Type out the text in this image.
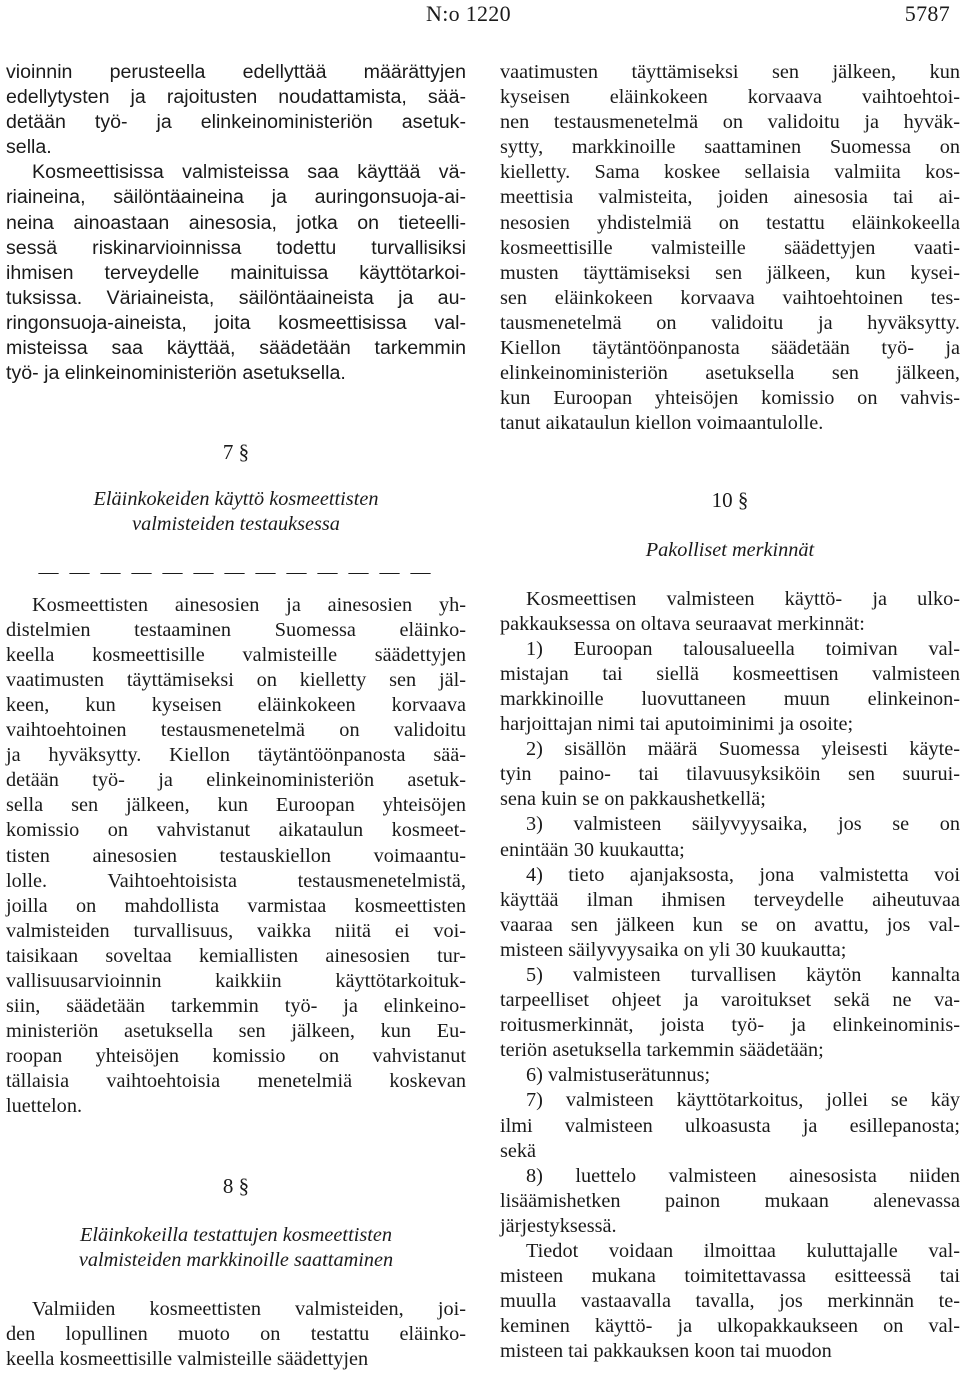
N:o 1220	5787
vioinnin perusteella edellyttää määrättyjen
edellytysten ja rajoitusten noudattamista, sää-
detään työ- ja elinkeinoministeriön asetuk-
sella.
Kosmeettisissa valmisteissa saa käyttää vä-
riaineina, säilöntäaineina ja auringonsuoja-ai-
neina ainoastaan ainesosia, jotka on tieteelli-
sessä riskinarvioinnissa todettu turvallisiksi
ihmisen terveydelle mainituissa käyttötarkoi-
tuksissa. Väriaineista, säilöntäaineista ja au-
ringonsuoja-aineista, joita kosmeettisissa val-
misteissa saa käyttää, säädetään tarkemmin
työ- ja elinkeinoministeriön asetuksella.
7 §
Eläinkokeiden käyttö kosmeettisten
valmisteiden testauksessa
— — — — — — — — — — — — —
Kosmeettisten ainesosien ja ainesosien yh-
distelmien testaaminen Suomessa eläinko-
keella kosmeettisille valmisteille säädettyjen
vaatimusten täyttämiseksi on kielletty sen jäl-
keen, kun kyseisen eläinkokeen korvaava
vaihtoehtoinen testausmenetelmä on validoitu
ja hyväksytty. Kiellon täytäntöönpanosta sää-
detään työ- ja elinkeinoministeriön asetuk-
sella sen jälkeen, kun Euroopan yhteisöjen
komissio on vahvistanut aikataulun kosmeet-
tisten ainesosien testauskiellon voimaantu-
lolle. Vaihtoehtoisista testausmenetelmistä,
joilla on mahdollista varmistaa kosmeettisten
valmisteiden turvallisuus, vaikka niitä ei voi-
taisikaan soveltaa kemiallisten ainesosien tur-
vallisuusarvioinnin kaikkiin käyttötarkoituk-
siin, säädetään tarkemmin työ- ja elinkeino-
ministeriön asetuksella sen jälkeen, kun Eu-
roopan yhteisöjen komissio on vahvistanut
tällaisia vaihtoehtoisia menetelmiä koskevan
luettelon.
8 §
Eläinkokeilla testattujen kosmeettisten
valmisteiden markkinoille saattaminen
Valmiiden kosmeettisten valmisteiden, joi-
den lopullinen muoto on testattu eläinko-
keella kosmeettisille valmisteille säädettyjen
vaatimusten täyttämiseksi sen jälkeen, kun
kyseisen eläinkokeen korvaava vaihtoehtoi-
nen testausmenetelmä on validoitu ja hyväk-
sytty, markkinoille saattaminen Suomessa on
kielletty. Sama koskee sellaisia valmiita kos-
meettisia valmisteita, joiden ainesosia tai ai-
nesosien yhdistelmiä on testattu eläinkokeella
kosmeettisille valmisteille säädettyjen vaati-
musten täyttämiseksi sen jälkeen, kun kysei-
sen eläinkokeen korvaava vaihtoehtoinen tes-
tausmenetelmä on validoitu ja hyväksytty.
Kiellon täytäntöönpanosta säädetään työ- ja
elinkeinoministeriön asetuksella sen jälkeen,
kun Euroopan yhteisöjen komissio on vahvis-
tanut aikataulun kiellon voimaantulolle.
10 §
Pakolliset merkinnät
Kosmeettisen valmisteen käyttö- ja ulko-
pakkauksessa on oltava seuraavat merkinnät:
1) Euroopan talousalueella toimivan val-
mistajan tai siellä kosmeettisen valmisteen
markkinoille luovuttaneen muun elinkeinon-
harjoittajan nimi tai aputoiminimi ja osoite;
2) sisällön määrä Suomessa yleisesti käyte-
tyin paino- tai tilavuusyksiköin sen suurui-
sena kuin se on pakkaushetkellä;
3) valmisteen säilyvyysaika, jos se on
enintään 30 kuukautta;
4) tieto ajanjaksosta, jona valmistetta voi
käyttää ilman ihmisen terveydelle aiheutuvaa
vaaraa sen jälkeen kun se on avattu, jos val-
misteen säilyvyysaika on yli 30 kuukautta;
5) valmisteen turvallisen käytön kannalta
tarpeelliset ohjeet ja varoitukset sekä ne va-
roitusmerkinnät, joista työ- ja elinkeinominis-
teriön asetuksella tarkemmin säädetään;
6) valmistuserätunnus;
7) valmisteen käyttötarkoitus, jollei se käy
ilmi valmisteen ulkoasusta ja esillepanosta;
sekä
8) luettelo valmisteen ainesosista niiden
lisäämishetken painon mukaan alenevassa
järjestyksessä.
Tiedot voidaan ilmoittaa kuluttajalle val-
misteen mukana toimitettavassa esitteessä tai
muulla vastaavalla tavalla, jos merkinnän te-
keminen käyttö- ja ulkopakkaukseen on val-
misteen tai pakkauksen koon tai muodon
